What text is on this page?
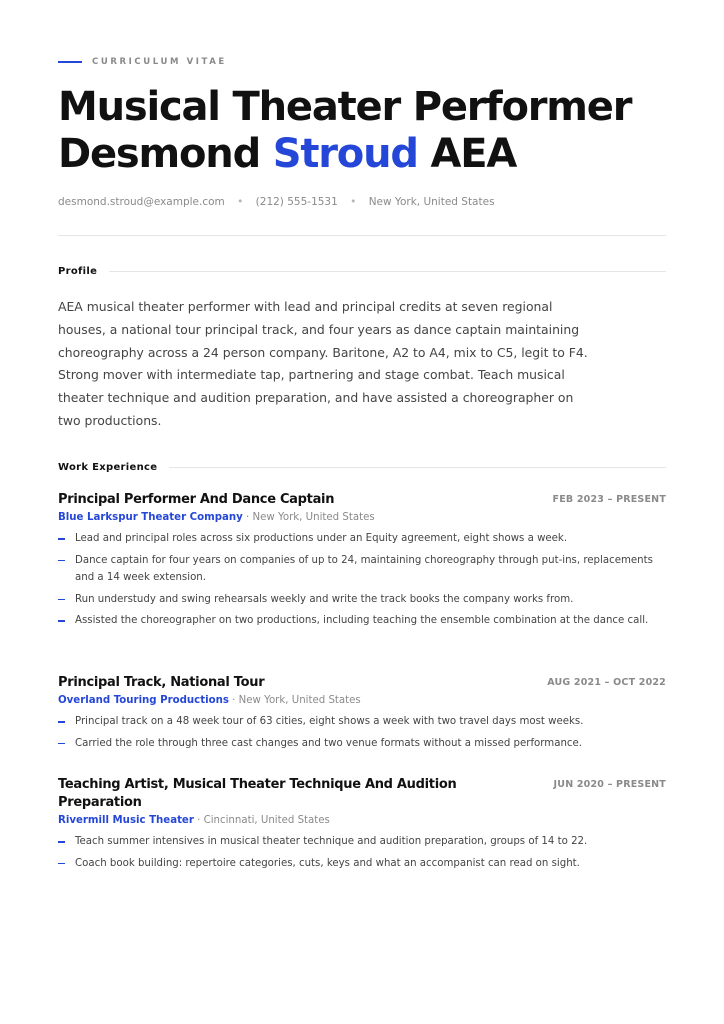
CURRICULUM VITAE
Musical Theater Performer
Desmond Stroud AEA
desmond.stroud@example.com • (212) 555-1531 • New York, United States
Profile

AEA musical theater performer with lead and principal credits at seven regional houses, a national tour principal track, and four years as dance captain maintaining choreography across a 24 person company. Baritone, A2 to A4, mix to C5, legit to F4. Strong mover with intermediate tap, partnering and stage combat. Teach musical theater technique and audition preparation, and have assisted a choreographer on two productions.

Work Experience
Principal Performer And Dance Captain	FEB 2023 – PRESENT
Blue Larkspur Theater Company · New York, United States
Lead and principal roles across six productions under an Equity agreement, eight shows a week.
Dance captain for four years on companies of up to 24, maintaining choreography through put-ins, replacements and a 14 week extension.
Run understudy and swing rehearsals weekly and write the track books the company works from.
Assisted the choreographer on two productions, including teaching the ensemble combination at the dance call.
Principal Track, National Tour	AUG 2021 – OCT 2022
Overland Touring Productions · New York, United States
Principal track on a 48 week tour of 63 cities, eight shows a week with two travel days most weeks.
Carried the role through three cast changes and two venue formats without a missed performance.
Teaching Artist, Musical Theater Technique And Audition Preparation
JUN 2020 – PRESENT
Rivermill Music Theater · Cincinnati, United States
Teach summer intensives in musical theater technique and audition preparation, groups of 14 to 22.
Coach book building: repertoire categories, cuts, keys and what an accompanist can read on sight.
